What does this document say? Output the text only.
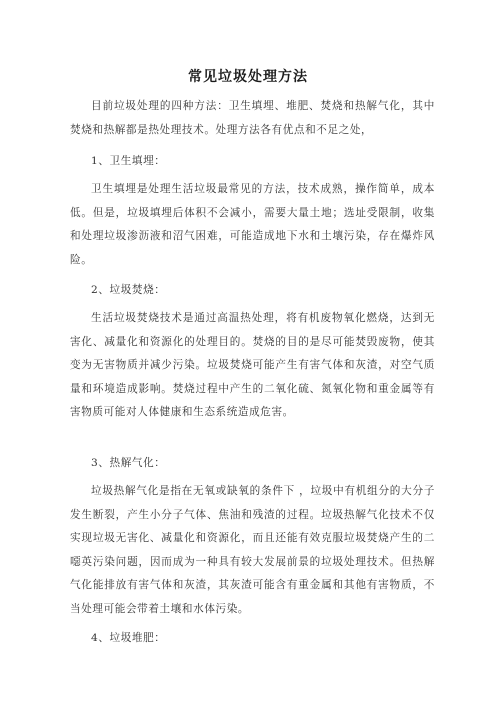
常见垃圾处理方法

目前垃圾处理的四种方法：卫生填埋、堆肥、焚烧和热解气化，其中焚烧和热解都是热处理技术。处理方法各有优点和不足之处，

1、卫生填埋：

卫生填埋是处理生活垃圾最常见的方法，技术成熟，操作简单，成本低。但是，垃圾填埋后体积不会减小，需要大量土地；选址受限制，收集和处理垃圾渗沥液和沼气困难，可能造成地下水和土壤污染，存在爆炸风险。

2、垃圾焚烧：

生活垃圾焚烧技术是通过高温热处理，将有机废物氧化燃烧，达到无害化、减量化和资源化的处理目的。焚烧的目的是尽可能焚毁废物，使其变为无害物质并减少污染。垃圾焚烧可能产生有害气体和灰渣，对空气质量和环境造成影响。焚烧过程中产生的二氧化硫、氮氧化物和重金属等有害物质可能对人体健康和生态系统造成危害。

3、热解气化：

垃圾热解气化是指在无氧或缺氧的条件下 ，垃圾中有机组分的大分子发生断裂，产生小分子气体、焦油和残渣的过程。垃圾热解气化技术不仅实现垃圾无害化、减量化和资源化，而且还能有效克服垃圾焚烧产生的二噁英污染问题，因而成为一种具有较大发展前景的垃圾处理技术。但热解气化能排放有害气体和灰渣，其灰渣可能含有重金属和其他有害物质，不当处理可能会带着土壤和水体污染。

4、垃圾堆肥：
